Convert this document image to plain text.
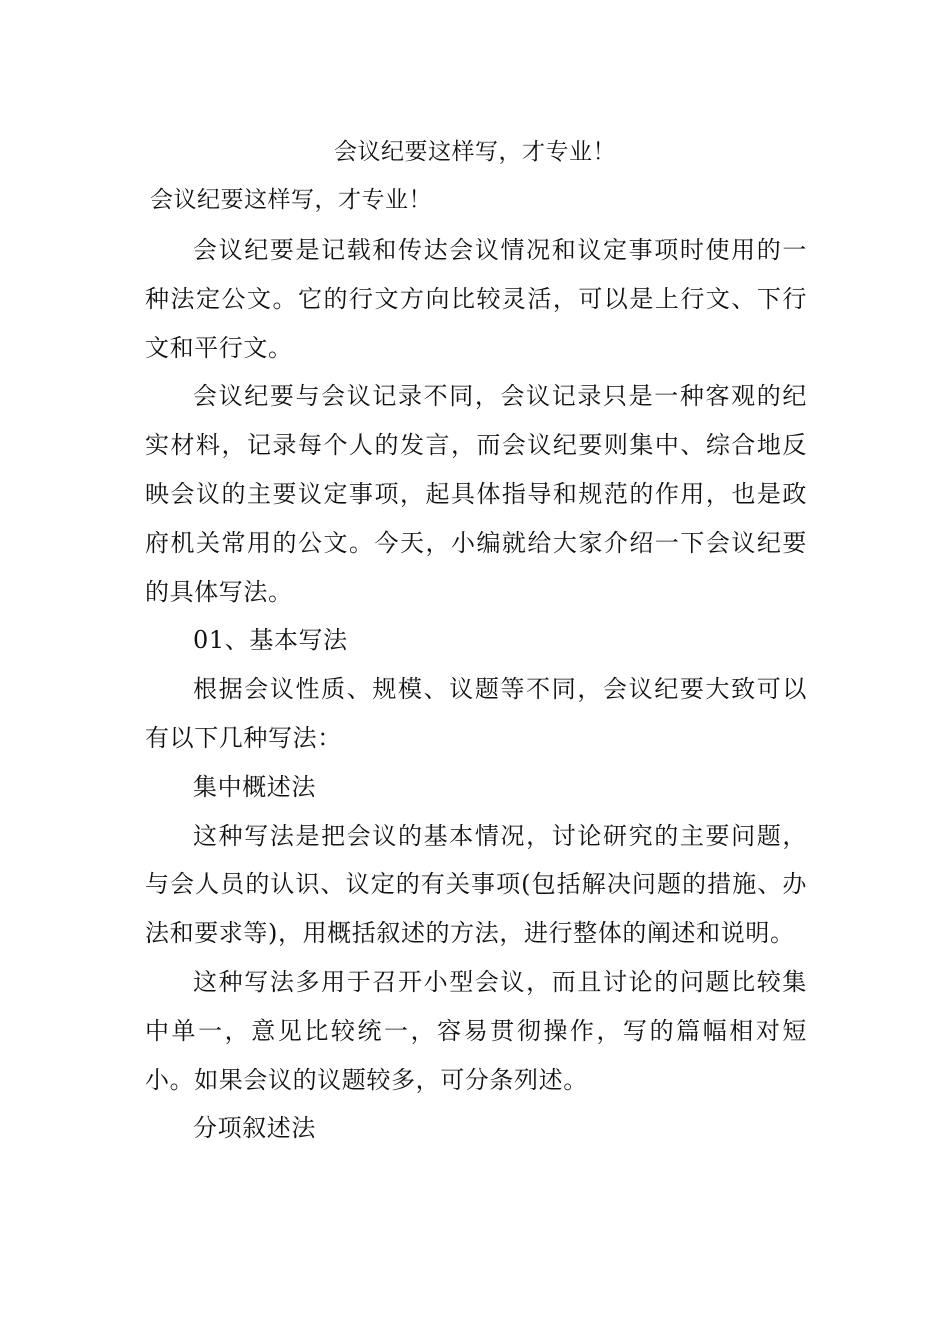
会议纪要这样写，才专业！
会议纪要这样写，才专业！

会议纪要是记载和传达会议情况和议定事项时使用的一种法定公文。它的行文方向比较灵活，可以是上行文、下行文和平行文。

会议纪要与会议记录不同，会议记录只是一种客观的纪实材料，记录每个人的发言，而会议纪要则集中、综合地反映会议的主要议定事项，起具体指导和规范的作用，也是政府机关常用的公文。今天，小编就给大家介绍一下会议纪要的具体写法。

01、基本写法

根据会议性质、规模、议题等不同，会议纪要大致可以有以下几种写法：

集中概述法

这种写法是把会议的基本情况，讨论研究的主要问题，与会人员的认识、议定的有关事项(包括解决问题的措施、办法和要求等)，用概括叙述的方法，进行整体的阐述和说明。

这种写法多用于召开小型会议，而且讨论的问题比较集中单一，意见比较统一，容易贯彻操作，写的篇幅相对短小。如果会议的议题较多，可分条列述。

分项叙述法
